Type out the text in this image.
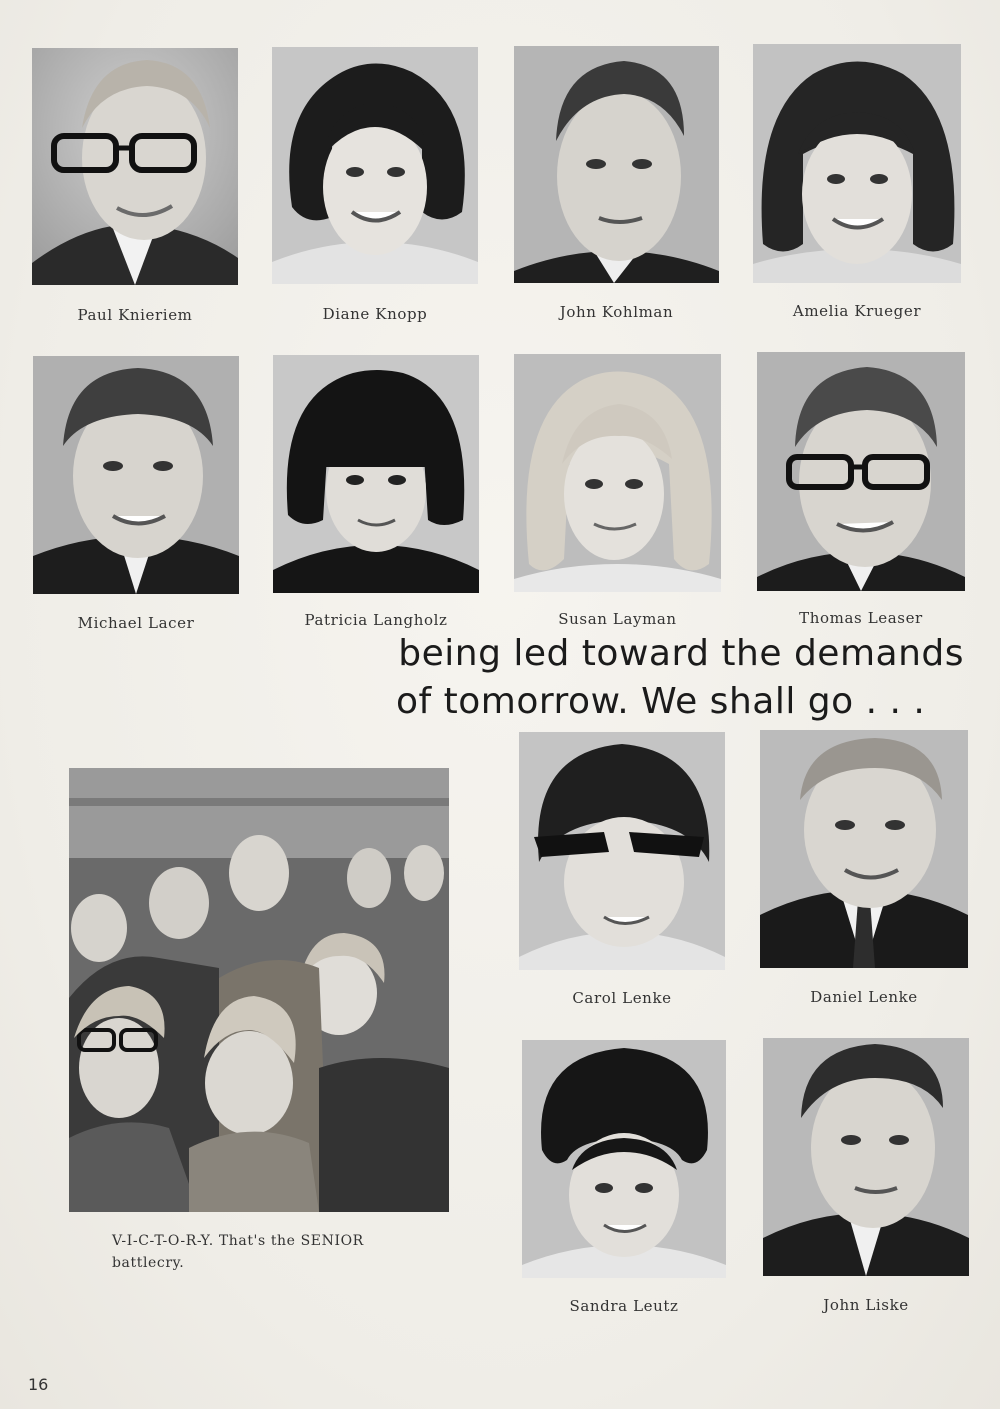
Paul Knieriem	Diane Knopp	John Kohlman	Amelia Krueger
Michael Lacer	Patricia Langholz	Susan Layman	Thomas Leaser
being led toward the demands
of tomorrow. We shall go . . .
V-I-C-T-O-R-Y. That's the SENIOR
battlecry.
Carol Lenke	Daniel Lenke
Sandra Leutz	John Liske
16
